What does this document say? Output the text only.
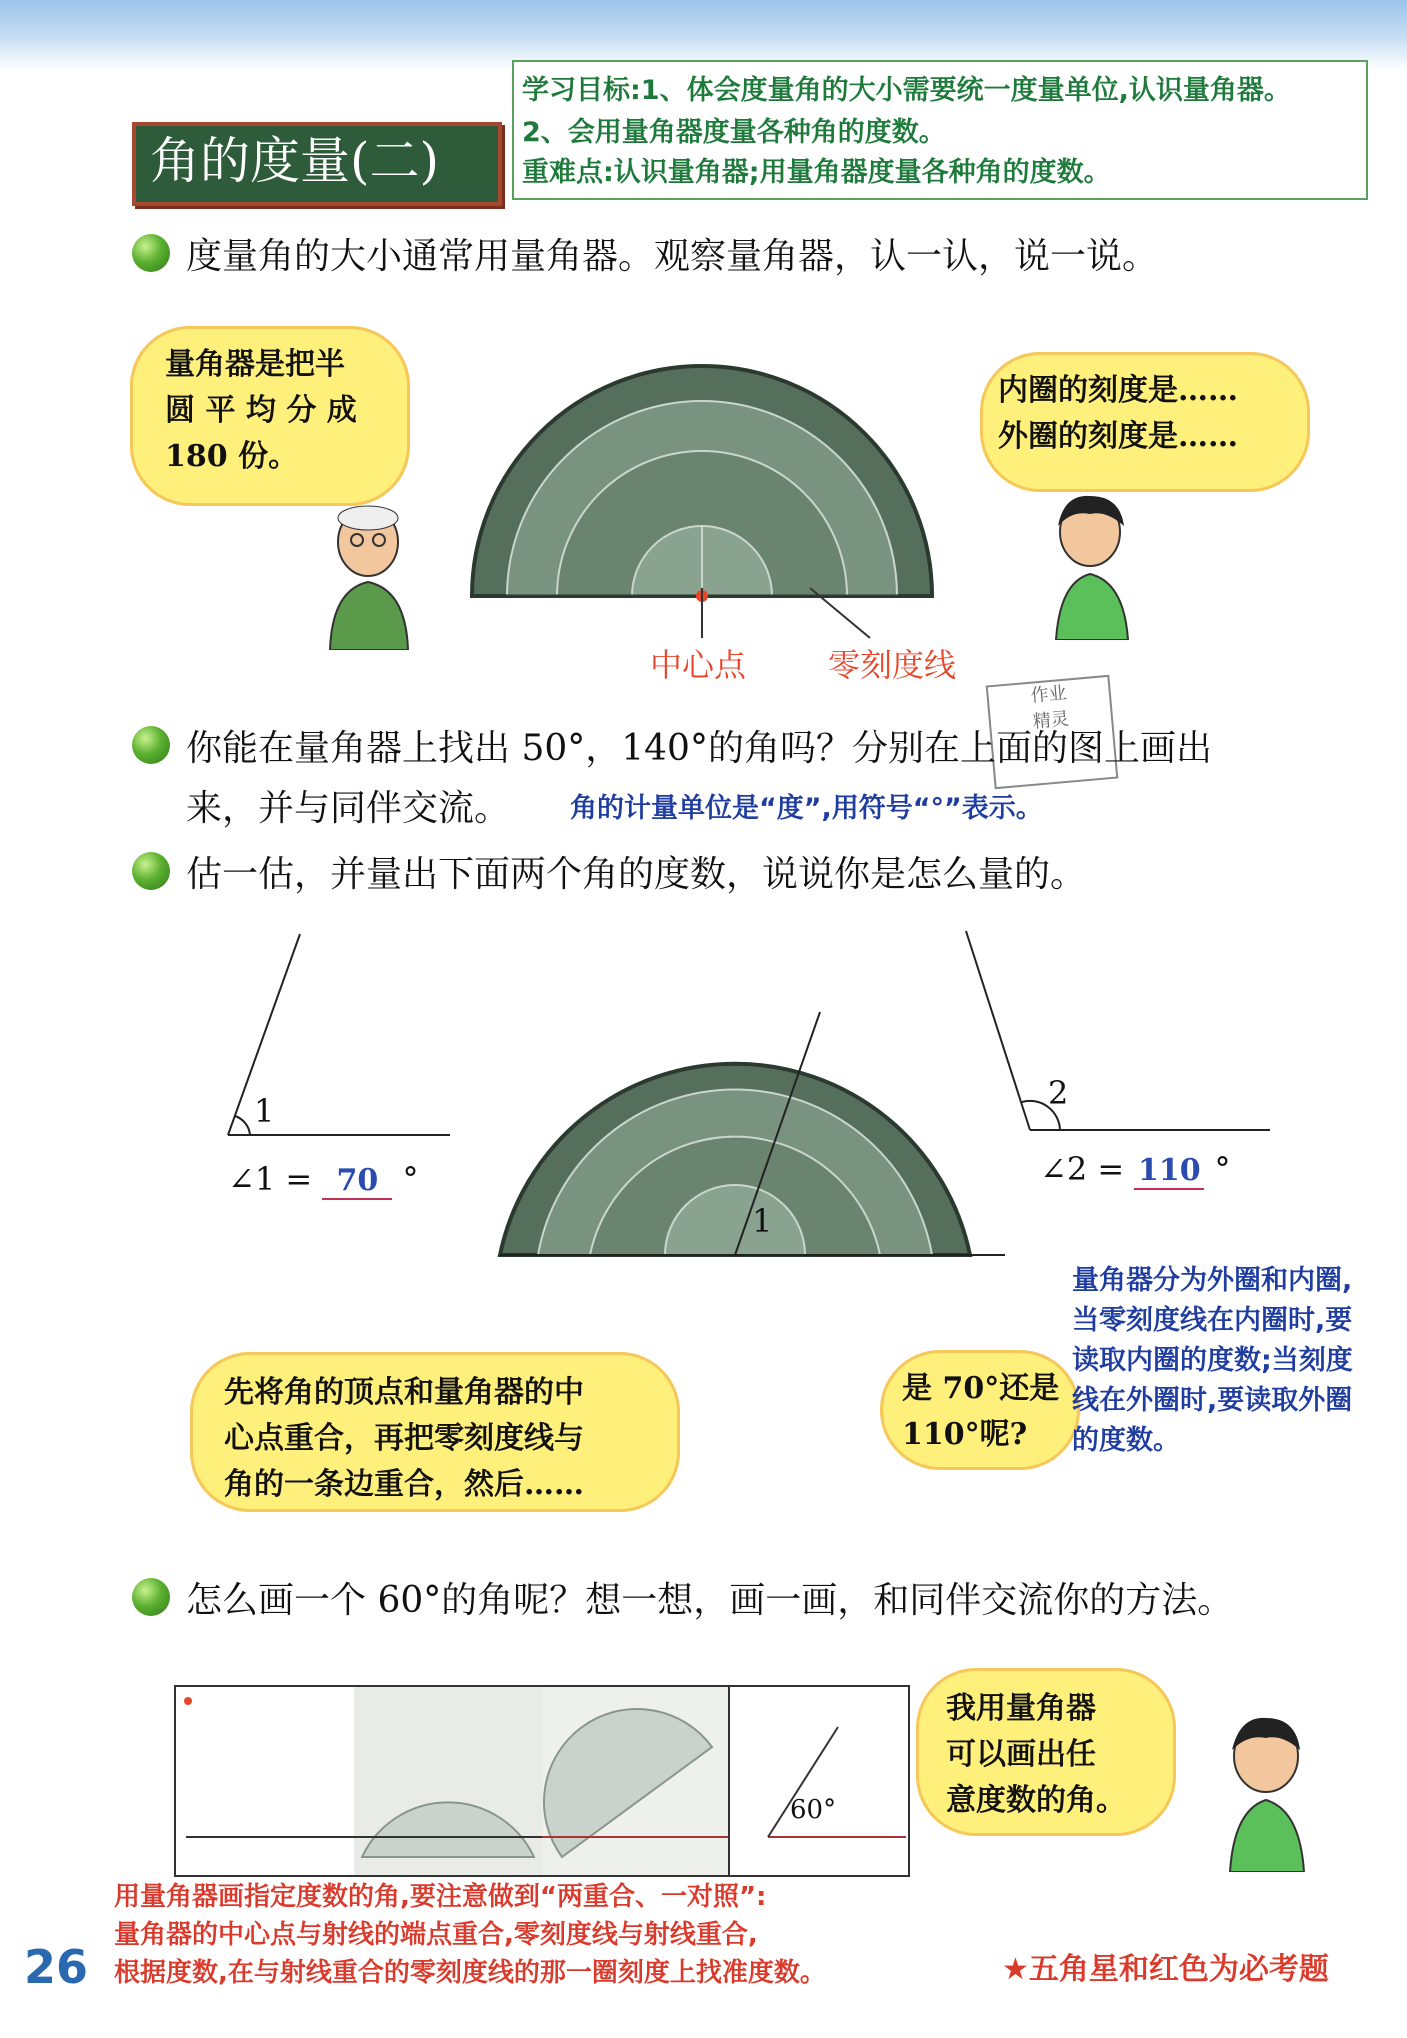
角的度量(二)
学习目标:1、体会度量角的大小需要统一度量单位,认识量角器。
2、会用量角器度量各种角的度数。
重难点:认识量角器;用量角器度量各种角的度数。
度量角的大小通常用量角器。观察量角器，认一认，说一说。
量角器是把半
圆 平 均 分 成
180 份。
中心点	零刻度线
内圈的刻度是……
外圈的刻度是……
作业
精灵
你能在量角器上找出 50°，140°的角吗？分别在上面的图上画出
来，并与同伴交流。 角的计量单位是“度”,用符号“°”表示。
估一估，并量出下面两个角的度数，说说你是怎么量的。
1
∠1 = 70 °
2
∠2 = 110 °
1
先将角的顶点和量角器的中
心点重合，再把零刻度线与
角的一条边重合，然后……
是 70°还是
110°呢?
量角器分为外圈和内圈,
当零刻度线在内圈时,要
读取内圈的度数;当刻度
线在外圈时,要读取外圈
的度数。
怎么画一个 60°的角呢？想一想，画一画，和同伴交流你的方法。
60°
我用量角器
可以画出任
意度数的角。
用量角器画指定度数的角,要注意做到“两重合、一对照”:
量角器的中心点与射线的端点重合,零刻度线与射线重合,
根据度数,在与射线重合的零刻度线的那一圈刻度上找准度数。
26	★五角星和红色为必考题
